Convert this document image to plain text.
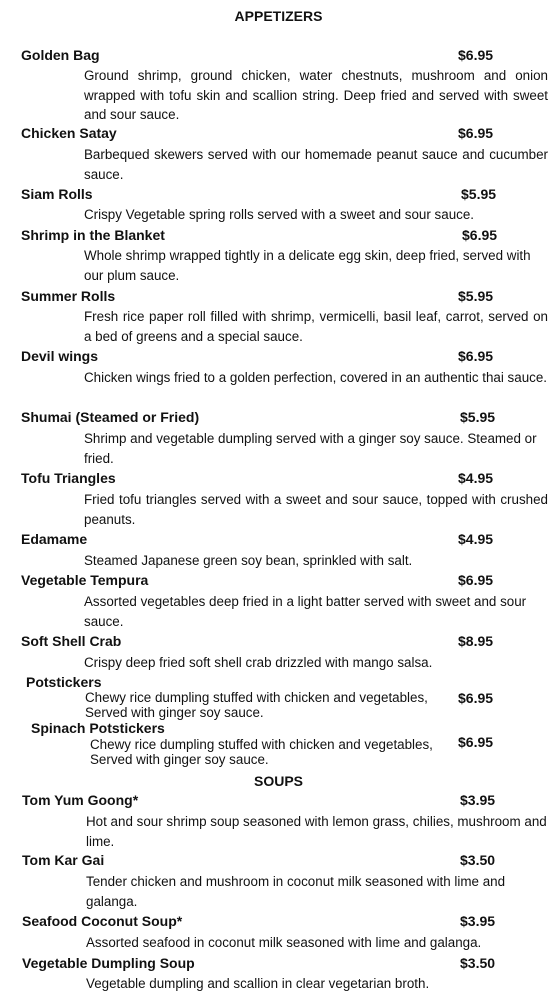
APPETIZERS
Golden Bag	$6.95
Ground shrimp, ground chicken, water chestnuts, mushroom and onion wrapped with tofu skin and scallion string. Deep fried and served with sweet and sour sauce.
Chicken Satay	$6.95
Barbequed skewers served with our homemade peanut sauce and cucumber sauce.
Siam Rolls	$5.95
Crispy Vegetable spring rolls served with a sweet and sour sauce.
Shrimp in the Blanket	$6.95
Whole shrimp wrapped tightly in a delicate egg skin, deep fried, served with our plum sauce.
Summer Rolls	$5.95
Fresh rice paper roll filled with shrimp, vermicelli, basil leaf, carrot, served on a bed of greens and a special sauce.
Devil wings	$6.95
Chicken wings fried to a golden perfection, covered in an authentic thai sauce.
Shumai (Steamed or Fried)	$5.95
Shrimp and vegetable dumpling served with a ginger soy sauce. Steamed or fried.
Tofu Triangles	$4.95
Fried tofu triangles served with a sweet and sour sauce, topped with crushed peanuts.
Edamame	$4.95
Steamed Japanese green soy bean, sprinkled with salt.
Vegetable Tempura	$6.95
Assorted vegetables deep fried in a light batter served with sweet and sour sauce.
Soft Shell Crab	$8.95
Crispy deep fried soft shell crab drizzled with mango salsa.
Potstickers
$6.95
Chewy rice dumpling stuffed with chicken and vegetables, Served with ginger soy sauce.
Spinach Potstickers
$6.95
Chewy rice dumpling stuffed with chicken and vegetables, Served with ginger soy sauce.
SOUPS
Tom Yum Goong*	$3.95
Hot and sour shrimp soup seasoned with lemon grass, chilies, mushroom and lime.
Tom Kar Gai	$3.50
Tender chicken and mushroom in coconut milk seasoned with lime and galanga.
Seafood Coconut Soup*	$3.95
Assorted seafood in coconut milk seasoned with lime and galanga.
Vegetable Dumpling Soup	$3.50
Vegetable dumpling and scallion in clear vegetarian broth.
